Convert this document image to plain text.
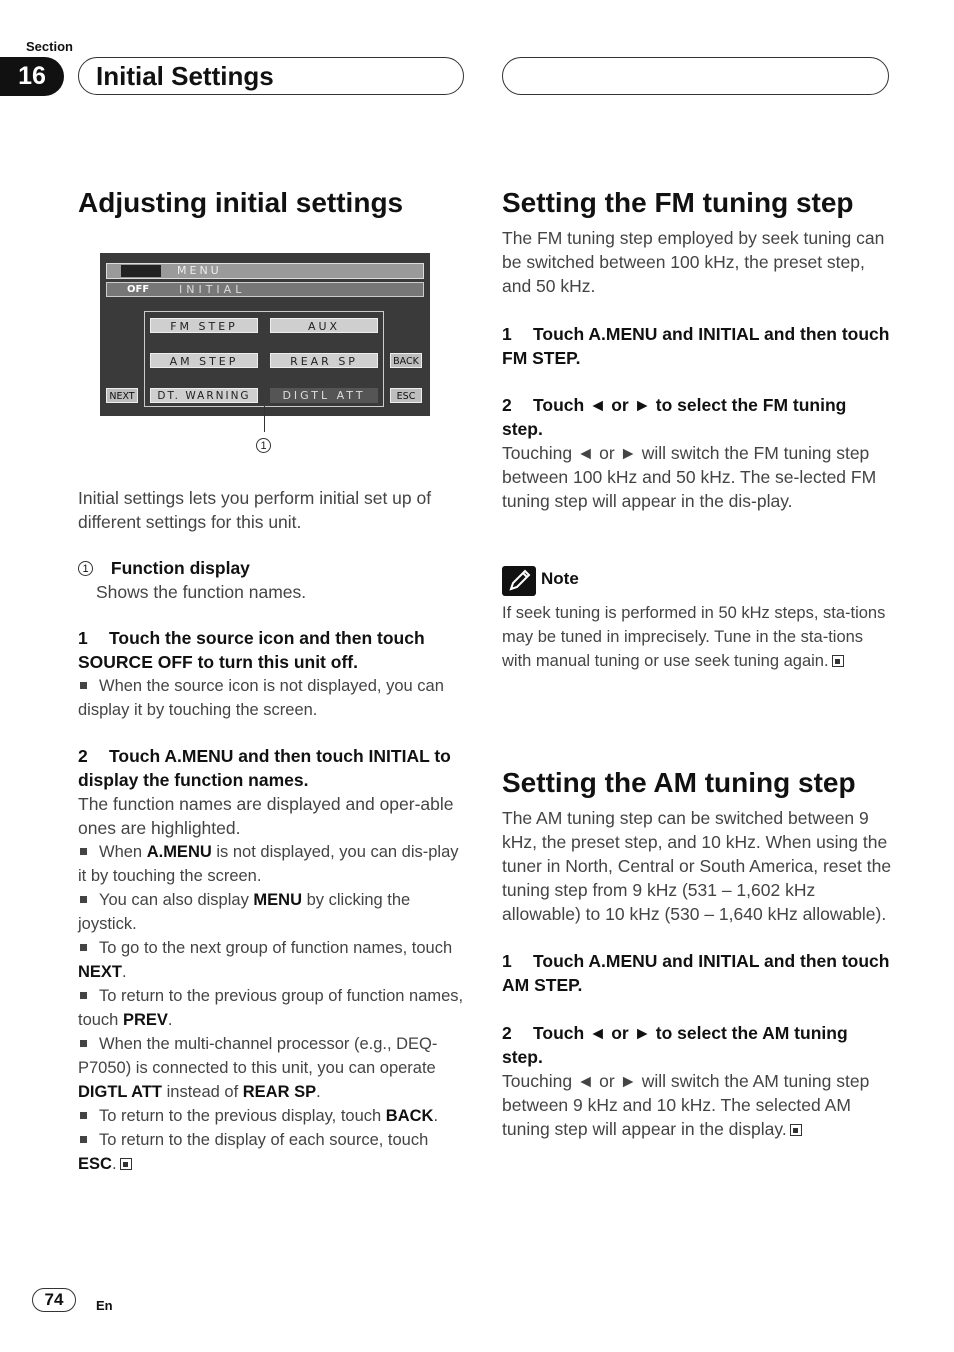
Section
16	Initial Settings
Adjusting initial settings
MENU
OFF	INITIAL
FM STEP	AUX
AM STEP	REAR SP
DT. WARNING	DIGTL ATT
BACK
NEXT	ESC
1

Initial settings lets you perform initial set up of different settings for this unit.

1 Function display

Shows the function names.

1 Touch the source icon and then touch SOURCE OFF to turn this unit off.

When the source icon is not displayed, you can display it by touching the screen.

2 Touch A.MENU and then touch INITIAL to display the function names.

The function names are displayed and oper-able ones are highlighted.

When A.MENU is not displayed, you can dis-play it by touching the screen.

You can also display MENU by clicking the joystick.

To go to the next group of function names, touch NEXT.

To return to the previous group of function names, touch PREV.

When the multi-channel processor (e.g., DEQ-P7050) is connected to this unit, you can operate DIGTL ATT instead of REAR SP.

To return to the previous display, touch BACK.

To return to the display of each source, touch ESC.

Setting the FM tuning step

The FM tuning step employed by seek tuning can be switched between 100 kHz, the preset step, and 50 kHz.

1 Touch A.MENU and INITIAL and then touch FM STEP.

2 Touch ◄ or ► to select the FM tuning step.

Touching ◄ or ► will switch the FM tuning step between 100 kHz and 50 kHz. The se-lected FM tuning step will appear in the dis-play.

Note
If seek tuning is performed in 50 kHz steps, sta-tions may be tuned in imprecisely. Tune in the sta-tions with manual tuning or use seek tuning again.
Setting the AM tuning step

The AM tuning step can be switched between 9 kHz, the preset step, and 10 kHz. When using the tuner in North, Central or South America, reset the tuning step from 9 kHz (531 – 1,602 kHz allowable) to 10 kHz (530 – 1,640 kHz allowable).

1 Touch A.MENU and INITIAL and then touch AM STEP.

2 Touch ◄ or ► to select the AM tuning step.

Touching ◄ or ► will switch the AM tuning step between 9 kHz and 10 kHz. The selected AM tuning step will appear in the display.

74	En
